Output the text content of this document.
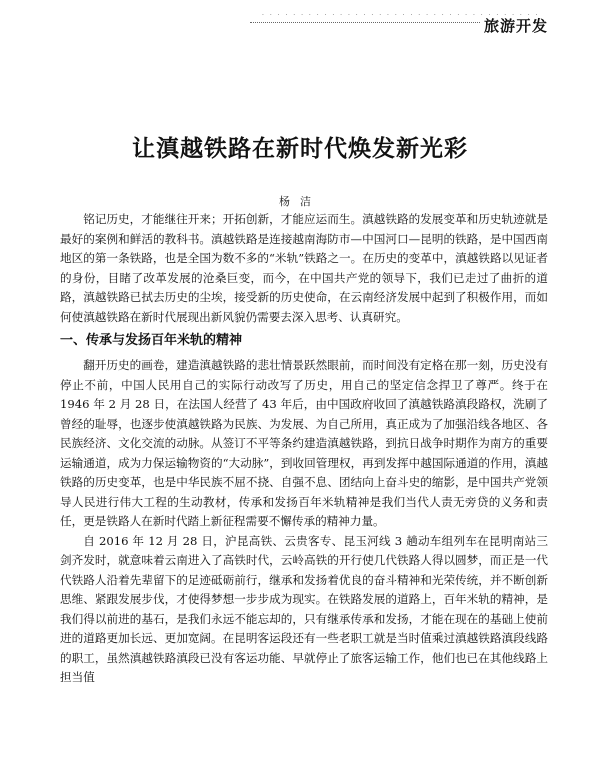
· · · · · · · · · · · · · · · · · · · · · · · · · · · · · · · · · · · ·
旅游开发
让滇越铁路在新时代焕发新光彩
杨洁

铭记历史，才能继往开来；开拓创新，才能应运而生。滇越铁路的发展变革和历史轨迹就是最好的案例和鲜活的教科书。滇越铁路是连接越南海防市—中国河口—昆明的铁路，是中国西南地区的第一条铁路，也是全国为数不多的“米轨”铁路之一。在历史的变革中，滇越铁路以见证者的身份，目睹了改革发展的沧桑巨变，而今，在中国共产党的领导下，我们已走过了曲折的道路，滇越铁路已拭去历史的尘埃，接受新的历史使命，在云南经济发展中起到了积极作用，而如何使滇越铁路在新时代展现出新风貌仍需要去深入思考、认真研究。

一、传承与发扬百年米轨的精神

翻开历史的画卷，建造滇越铁路的悲壮情景跃然眼前，而时间没有定格在那一刻，历史没有停止不前，中国人民用自己的实际行动改写了历史，用自己的坚定信念捍卫了尊严。终于在 1946 年 2 月 28 日，在法国人经营了 43 年后，由中国政府收回了滇越铁路滇段路权，洗刷了曾经的耻辱，也逐步使滇越铁路为民族、为发展、为自己所用，真正成为了加强沿线各地区、各民族经济、文化交流的动脉。从签订不平等条约建造滇越铁路，到抗日战争时期作为南方的重要运输通道，成为力保运输物资的“大动脉”，到收回管理权，再到发挥中越国际通道的作用，滇越铁路的历史变革，也是中华民族不屈不挠、自强不息、团结向上奋斗史的缩影，是中国共产党领导人民进行伟大工程的生动教材，传承和发扬百年米轨精神是我们当代人责无旁贷的义务和责任，更是铁路人在新时代踏上新征程需要不懈传承的精神力量。

自 2016 年 12 月 28 日，沪昆高铁、云贵客专、昆玉河线 3 趟动车组列车在昆明南站三剑齐发时，就意味着云南进入了高铁时代，云岭高铁的开行使几代铁路人得以圆梦，而正是一代代铁路人沿着先辈留下的足迹砥砺前行，继承和发扬着优良的奋斗精神和光荣传统，并不断创新思维、紧跟发展步伐，才使得梦想一步步成为现实。在铁路发展的道路上，百年米轨的精神，是我们得以前进的基石，是我们永远不能忘却的，只有继承传承和发扬，才能在现在的基础上使前进的道路更加长远、更加宽阔。在昆明客运段还有一些老职工就是当时值乘过滇越铁路滇段线路的职工，虽然滇越铁路滇段已没有客运功能、早就停止了旅客运输工作，他们也已在其他线路上担当值
